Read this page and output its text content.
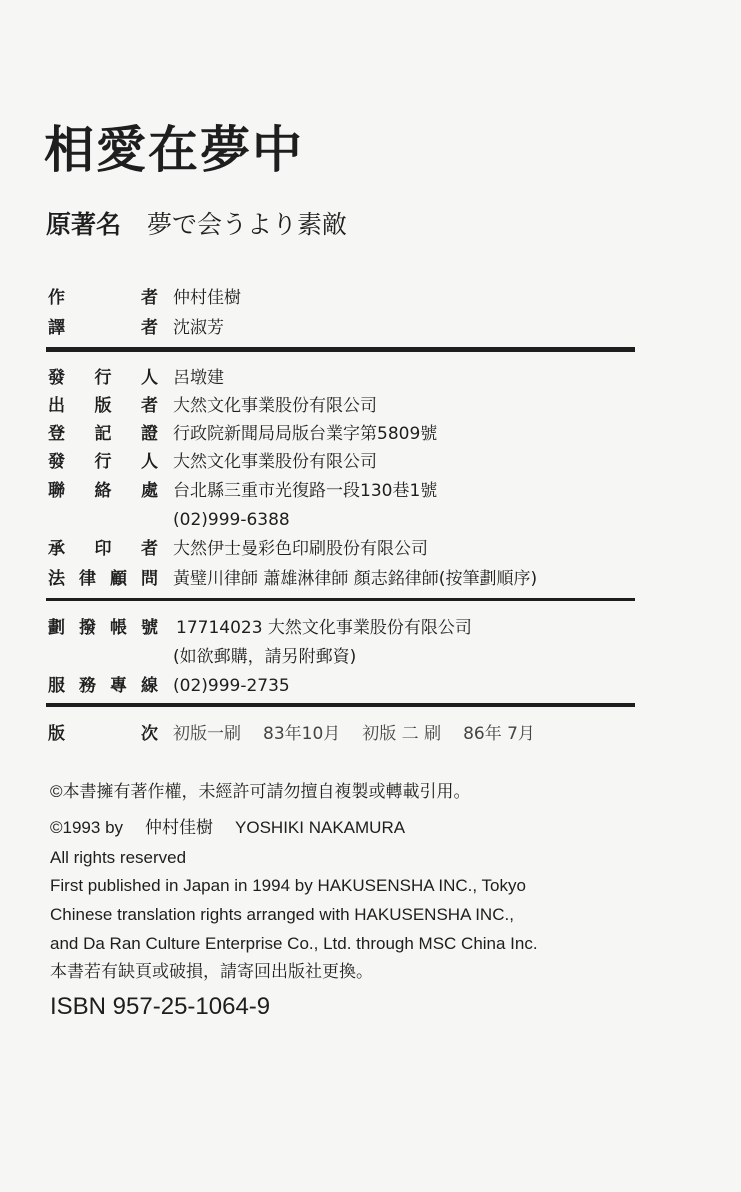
相愛在夢中
原著名 夢で会うより素敵
作	者 仲村佳樹
譯	者 沈淑芳
發 行 人 呂墩建
出 版 者 大然文化事業股份有限公司
登 記 證 行政院新聞局局版台業字第5809號
發 行 人 大然文化事業股份有限公司
聯 絡 處 台北縣三重市光復路一段130巷1號
(02)999-6388
承 印 者 大然伊士曼彩色印刷股份有限公司
法 律 顧 問 黃璧川律師 蕭雄淋律師 顏志銘律師(按筆劃順序)
劃 撥 帳 號 17714023 大然文化事業股份有限公司
(如欲郵購，請另附郵資)
服 務 專 線 (02)999-2735
版	次 初版一刷 83年10月 初版 二 刷 86年 7月
©本書擁有著作權，未經許可請勿擅自複製或轉載引用。
©1993 by 仲村佳樹 YOSHIKI NAKAMURA
All rights reserved
First published in Japan in 1994 by HAKUSENSHA INC., Tokyo
Chinese translation rights arranged with HAKUSENSHA INC.,
and Da Ran Culture Enterprise Co., Ltd. through MSC China Inc.
本書若有缺頁或破損，請寄回出版社更換。
ISBN 957-25-1064-9
